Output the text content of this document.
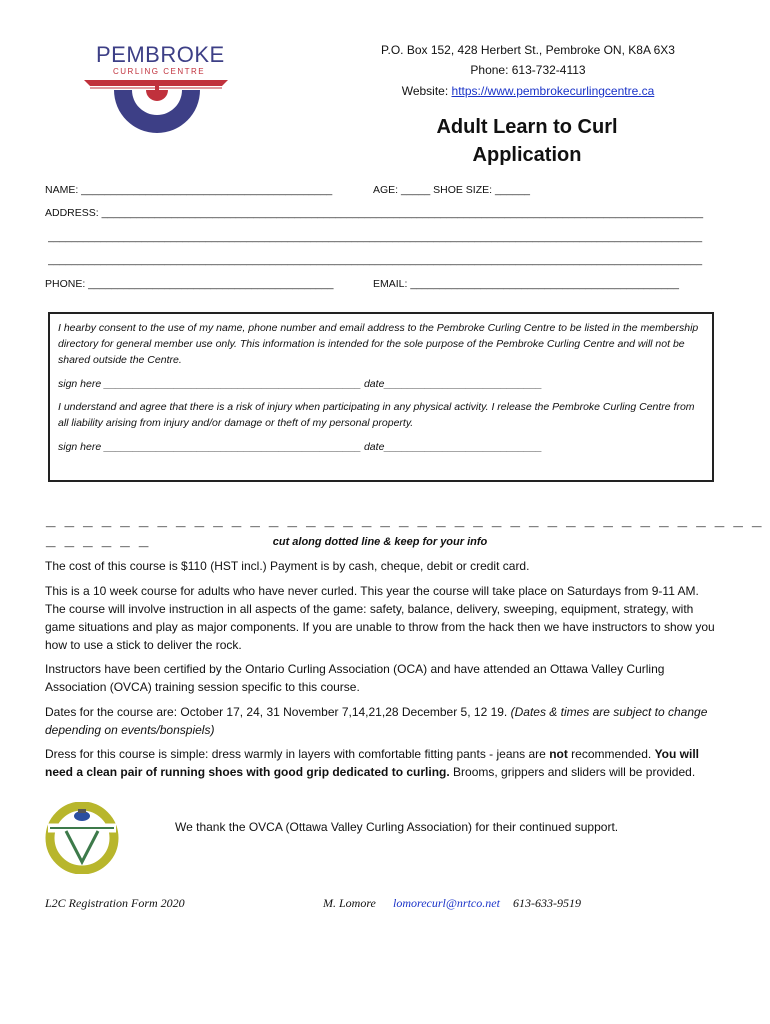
PEMBROKE
CURLING CENTRE
P.O. Box 152, 428 Herbert St., Pembroke ON, K8A 6X3
Phone: 613-732-4113
Website: https://www.pembrokecurlingcentre.ca
Adult Learn to Curl
Application
NAME: ___________________________________________	AGE: _____ SHOE SIZE: ______
ADDRESS: _______________________________________________________________________________________________________
________________________________________________________________________________________________________________
________________________________________________________________________________________________________________
PHONE: __________________________________________	EMAIL: ______________________________________________
I hearby consent to the use of my name, phone number and email address to the Pembroke Curling Centre to be listed in the membership directory for general member use only. This information is intended for the sole purpose of the Pembroke Curling Centre and will not be shared outside the Centre.
sign here ____________________________________________ date___________________________
I understand and agree that there is a risk of injury when participating in any physical activity. I release the Pembroke Curling Centre from all liability arising from injury and/or damage or theft of my personal property.
sign here ____________________________________________ date___________________________
_ _ _ _ _ _ _ _ _ _ _ _ _ _ _ _ _ _ _ _ _ _ _ _ _ _ _ _ _ _ _ _ _ _ _ _ _ _ _ _ _ _ _ _ _	cut along dotted line & keep for your info
The cost of this course is $110 (HST incl.) Payment is by cash, cheque, debit or credit card.
This is a 10 week course for adults who have never curled. This year the course will take place on Saturdays from 9-11 AM. The course will involve instruction in all aspects of the game: safety, balance, delivery, sweeping, equipment, strategy, with game situations and play as major components. If you are unable to throw from the hack then we have instructors to show you how to use a stick to deliver the rock.
Instructors have been certified by the Ontario Curling Association (OCA) and have attended an Ottawa Valley Curling Association (OVCA) training session specific to this course.
Dates for the course are: October 17, 24, 31 November 7,14,21,28 December 5, 12 19. (Dates & times are subject to change depending on events/bonspiels)
Dress for this course is simple: dress warmly in layers with comfortable fitting pants - jeans are not recommended. You will need a clean pair of running shoes with good grip dedicated to curling. Brooms, grippers and sliders will be provided.
We thank the OVCA (Ottawa Valley Curling Association) for their continued support.
L2C Registration Form 2020	M. Lomore lomorecurl@nrtco.net 613-633-9519
